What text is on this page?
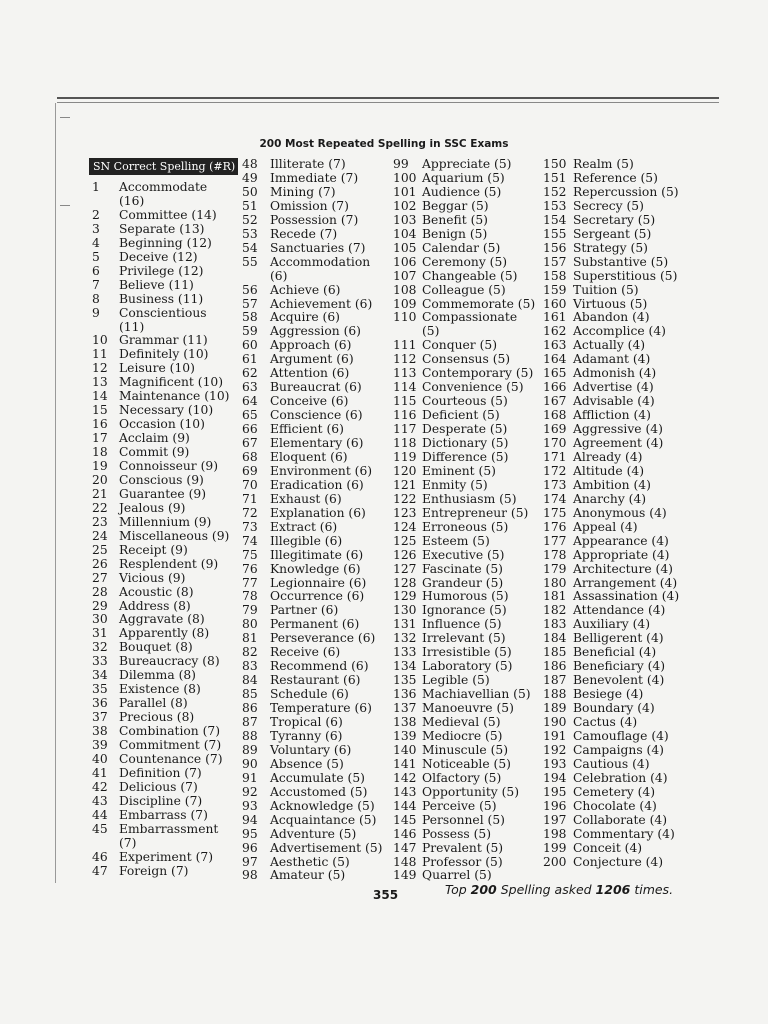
200 Most Repeated Spelling in SSC Exams
SN Correct Spelling (#R)
1 Accommodate
(16)
2 Committee (14)
3 Separate (13)
4 Beginning (12)
5 Deceive (12)
6 Privilege (12)
7 Believe (11)
8 Business (11)
9 Conscientious
(11)
10 Grammar (11)
11 Definitely (10)
12 Leisure (10)
13 Magnificent (10)
14 Maintenance (10)
15 Necessary (10)
16 Occasion (10)
17 Acclaim (9)
18 Commit (9)
19 Connoisseur (9)
20 Conscious (9)
21 Guarantee (9)
22 Jealous (9)
23 Millennium (9)
24 Miscellaneous (9)
25 Receipt (9)
26 Resplendent (9)
27 Vicious (9)
28 Acoustic (8)
29 Address (8)
30 Aggravate (8)
31 Apparently (8)
32 Bouquet (8)
33 Bureaucracy (8)
34 Dilemma (8)
35 Existence (8)
36 Parallel (8)
37 Precious (8)
38 Combination (7)
39 Commitment (7)
40 Countenance (7)
41 Definition (7)
42 Delicious (7)
43 Discipline (7)
44 Embarrass (7)
45 Embarrassment
(7)
46 Experiment (7)
47 Foreign (7)
48 Illiterate (7)
49 Immediate (7)
50 Mining (7)
51 Omission (7)
52 Possession (7)
53 Recede (7)
54 Sanctuaries (7)
55 Accommodation
(6)
56 Achieve (6)
57 Achievement (6)
58 Acquire (6)
59 Aggression (6)
60 Approach (6)
61 Argument (6)
62 Attention (6)
63 Bureaucrat (6)
64 Conceive (6)
65 Conscience (6)
66 Efficient (6)
67 Elementary (6)
68 Eloquent (6)
69 Environment (6)
70 Eradication (6)
71 Exhaust (6)
72 Explanation (6)
73 Extract (6)
74 Illegible (6)
75 Illegitimate (6)
76 Knowledge (6)
77 Legionnaire (6)
78 Occurrence (6)
79 Partner (6)
80 Permanent (6)
81 Perseverance (6)
82 Receive (6)
83 Recommend (6)
84 Restaurant (6)
85 Schedule (6)
86 Temperature (6)
87 Tropical (6)
88 Tyranny (6)
89 Voluntary (6)
90 Absence (5)
91 Accumulate (5)
92 Accustomed (5)
93 Acknowledge (5)
94 Acquaintance (5)
95 Adventure (5)
96 Advertisement (5)
97 Aesthetic (5)
98 Amateur (5)
99 Appreciate (5)
100 Aquarium (5)
101 Audience (5)
102 Beggar (5)
103 Benefit (5)
104 Benign (5)
105 Calendar (5)
106 Ceremony (5)
107 Changeable (5)
108 Colleague (5)
109 Commemorate (5)
110 Compassionate
(5)
111 Conquer (5)
112 Consensus (5)
113 Contemporary (5)
114 Convenience (5)
115 Courteous (5)
116 Deficient (5)
117 Desperate (5)
118 Dictionary (5)
119 Difference (5)
120 Eminent (5)
121 Enmity (5)
122 Enthusiasm (5)
123 Entrepreneur (5)
124 Erroneous (5)
125 Esteem (5)
126 Executive (5)
127 Fascinate (5)
128 Grandeur (5)
129 Humorous (5)
130 Ignorance (5)
131 Influence (5)
132 Irrelevant (5)
133 Irresistible (5)
134 Laboratory (5)
135 Legible (5)
136 Machiavellian (5)
137 Manoeuvre (5)
138 Medieval (5)
139 Mediocre (5)
140 Minuscule (5)
141 Noticeable (5)
142 Olfactory (5)
143 Opportunity (5)
144 Perceive (5)
145 Personnel (5)
146 Possess (5)
147 Prevalent (5)
148 Professor (5)
149 Quarrel (5)
150 Realm (5)
151 Reference (5)
152 Repercussion (5)
153 Secrecy (5)
154 Secretary (5)
155 Sergeant (5)
156 Strategy (5)
157 Substantive (5)
158 Superstitious (5)
159 Tuition (5)
160 Virtuous (5)
161 Abandon (4)
162 Accomplice (4)
163 Actually (4)
164 Adamant (4)
165 Admonish (4)
166 Advertise (4)
167 Advisable (4)
168 Affliction (4)
169 Aggressive (4)
170 Agreement (4)
171 Already (4)
172 Altitude (4)
173 Ambition (4)
174 Anarchy (4)
175 Anonymous (4)
176 Appeal (4)
177 Appearance (4)
178 Appropriate (4)
179 Architecture (4)
180 Arrangement (4)
181 Assassination (4)
182 Attendance (4)
183 Auxiliary (4)
184 Belligerent (4)
185 Beneficial (4)
186 Beneficiary (4)
187 Benevolent (4)
188 Besiege (4)
189 Boundary (4)
190 Cactus (4)
191 Camouflage (4)
192 Campaigns (4)
193 Cautious (4)
194 Celebration (4)
195 Cemetery (4)
196 Chocolate (4)
197 Collaborate (4)
198 Commentary (4)
199 Conceit (4)
200 Conjecture (4)
355	Top 200 Spelling asked 1206 times.
